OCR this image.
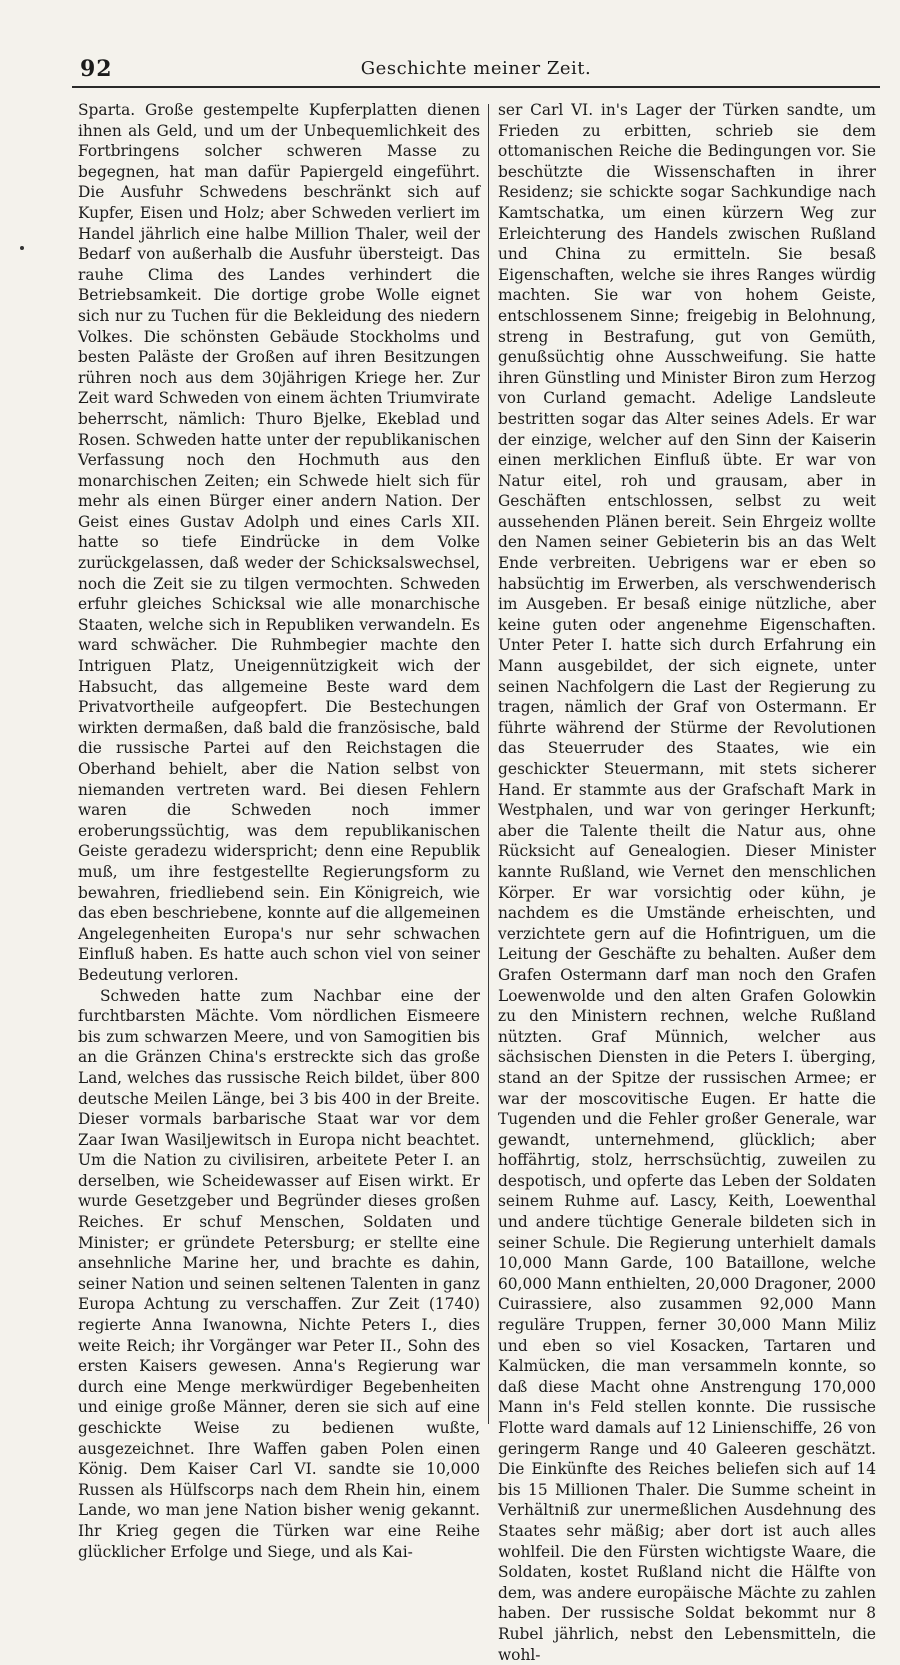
92	Geschichte meiner Zeit.

Sparta. Große gestempelte Kupferplatten dienen ihnen als Geld, und um der Unbequemlichkeit des Fortbringens solcher schweren Masse zu begegnen, hat man dafür Papiergeld eingeführt. Die Ausfuhr Schwedens beschränkt sich auf Kupfer, Eisen und Holz; aber Schweden verliert im Handel jährlich eine halbe Million Thaler, weil der Bedarf von außerhalb die Ausfuhr übersteigt. Das rauhe Clima des Landes verhindert die Betriebsamkeit. Die dortige grobe Wolle eignet sich nur zu Tuchen für die Bekleidung des niedern Volkes. Die schönsten Gebäude Stockholms und besten Paläste der Großen auf ihren Besitzungen rühren noch aus dem 30jährigen Kriege her. Zur Zeit ward Schweden von einem ächten Triumvirate beherrscht, nämlich: Thuro Bjelke, Ekeblad und Rosen. Schweden hatte unter der republikanischen Verfassung noch den Hochmuth aus den monarchischen Zeiten; ein Schwede hielt sich für mehr als einen Bürger einer andern Nation. Der Geist eines Gustav Adolph und eines Carls XII. hatte so tiefe Eindrücke in dem Volke zurückgelassen, daß weder der Schicksalswechsel, noch die Zeit sie zu tilgen vermochten. Schweden erfuhr gleiches Schicksal wie alle monarchische Staaten, welche sich in Republiken verwandeln. Es ward schwächer. Die Ruhmbegier machte den Intriguen Platz, Uneigennützigkeit wich der Habsucht, das allgemeine Beste ward dem Privatvortheile aufgeopfert. Die Bestechungen wirkten dermaßen, daß bald die französische, bald die russische Partei auf den Reichstagen die Oberhand behielt, aber die Nation selbst von niemanden vertreten ward. Bei diesen Fehlern waren die Schweden noch immer eroberungssüchtig, was dem republikanischen Geiste geradezu widerspricht; denn eine Republik muß, um ihre festgestellte Regierungsform zu bewahren, friedliebend sein. Ein Königreich, wie das eben beschriebene, konnte auf die allgemeinen Angelegenheiten Europa's nur sehr schwachen Einfluß haben. Es hatte auch schon viel von seiner Bedeutung verloren.

Schweden hatte zum Nachbar eine der furchtbarsten Mächte. Vom nördlichen Eismeere bis zum schwarzen Meere, und von Samogitien bis an die Gränzen China's erstreckte sich das große Land, welches das russische Reich bildet, über 800 deutsche Meilen Länge, bei 3 bis 400 in der Breite. Dieser vormals barbarische Staat war vor dem Zaar Iwan Wasiljewitsch in Europa nicht beachtet. Um die Nation zu civilisiren, arbeitete Peter I. an derselben, wie Scheidewasser auf Eisen wirkt. Er wurde Gesetzgeber und Begründer dieses großen Reiches. Er schuf Menschen, Soldaten und Minister; er gründete Petersburg; er stellte eine ansehnliche Marine her, und brachte es dahin, seiner Nation und seinen seltenen Talenten in ganz Europa Achtung zu verschaffen. Zur Zeit (1740) regierte Anna Iwanowna, Nichte Peters I., dies weite Reich; ihr Vorgänger war Peter II., Sohn des ersten Kaisers gewesen. Anna's Regierung war durch eine Menge merkwürdiger Begebenheiten und einige große Männer, deren sie sich auf eine geschickte Weise zu bedienen wußte, ausgezeichnet. Ihre Waffen gaben Polen einen König. Dem Kaiser Carl VI. sandte sie 10,000 Russen als Hülfscorps nach dem Rhein hin, einem Lande, wo man jene Nation bisher wenig gekannt. Ihr Krieg gegen die Türken war eine Reihe glücklicher Erfolge und Siege, und als Kai-

ser Carl VI. in's Lager der Türken sandte, um Frieden zu erbitten, schrieb sie dem ottomanischen Reiche die Bedingungen vor. Sie beschützte die Wissenschaften in ihrer Residenz; sie schickte sogar Sachkundige nach Kamtschatka, um einen kürzern Weg zur Erleichterung des Handels zwischen Rußland und China zu ermitteln. Sie besaß Eigenschaften, welche sie ihres Ranges würdig machten. Sie war von hohem Geiste, entschlossenem Sinne; freigebig in Belohnung, streng in Bestrafung, gut von Gemüth, genußsüchtig ohne Ausschweifung. Sie hatte ihren Günstling und Minister Biron zum Herzog von Curland gemacht. Adelige Landsleute bestritten sogar das Alter seines Adels. Er war der einzige, welcher auf den Sinn der Kaiserin einen merklichen Einfluß übte. Er war von Natur eitel, roh und grausam, aber in Geschäften entschlossen, selbst zu weit aussehenden Plänen bereit. Sein Ehrgeiz wollte den Namen seiner Gebieterin bis an das Welt Ende verbreiten. Uebrigens war er eben so habsüchtig im Erwerben, als verschwenderisch im Ausgeben. Er besaß einige nützliche, aber keine guten oder angenehme Eigenschaften. Unter Peter I. hatte sich durch Erfahrung ein Mann ausgebildet, der sich eignete, unter seinen Nachfolgern die Last der Regierung zu tragen, nämlich der Graf von Ostermann. Er führte während der Stürme der Revolutionen das Steuerruder des Staates, wie ein geschickter Steuermann, mit stets sicherer Hand. Er stammte aus der Grafschaft Mark in Westphalen, und war von geringer Herkunft; aber die Talente theilt die Natur aus, ohne Rücksicht auf Genealogien. Dieser Minister kannte Rußland, wie Vernet den menschlichen Körper. Er war vorsichtig oder kühn, je nachdem es die Umstände erheischten, und verzichtete gern auf die Hofintriguen, um die Leitung der Geschäfte zu behalten. Außer dem Grafen Ostermann darf man noch den Grafen Loewenwolde und den alten Grafen Golowkin zu den Ministern rechnen, welche Rußland nützten. Graf Münnich, welcher aus sächsischen Diensten in die Peters I. überging, stand an der Spitze der russischen Armee; er war der moscovitische Eugen. Er hatte die Tugenden und die Fehler großer Generale, war gewandt, unternehmend, glücklich; aber hoffährtig, stolz, herrschsüchtig, zuweilen zu despotisch, und opferte das Leben der Soldaten seinem Ruhme auf. Lascy, Keith, Loewenthal und andere tüchtige Generale bildeten sich in seiner Schule. Die Regierung unterhielt damals 10,000 Mann Garde, 100 Bataillone, welche 60,000 Mann enthielten, 20,000 Dragoner, 2000 Cuirassiere, also zusammen 92,000 Mann reguläre Truppen, ferner 30,000 Mann Miliz und eben so viel Kosacken, Tartaren und Kalmücken, die man versammeln konnte, so daß diese Macht ohne Anstrengung 170,000 Mann in's Feld stellen konnte. Die russische Flotte ward damals auf 12 Linienschiffe, 26 von geringerm Range und 40 Galeeren geschätzt. Die Einkünfte des Reiches beliefen sich auf 14 bis 15 Millionen Thaler. Die Summe scheint in Verhältniß zur unermeßlichen Ausdehnung des Staates sehr mäßig; aber dort ist auch alles wohlfeil. Die den Fürsten wichtigste Waare, die Soldaten, kostet Rußland nicht die Hälfte von dem, was andere europäische Mächte zu zahlen haben. Der russische Soldat bekommt nur 8 Rubel jährlich, nebst den Lebensmitteln, die wohl-
